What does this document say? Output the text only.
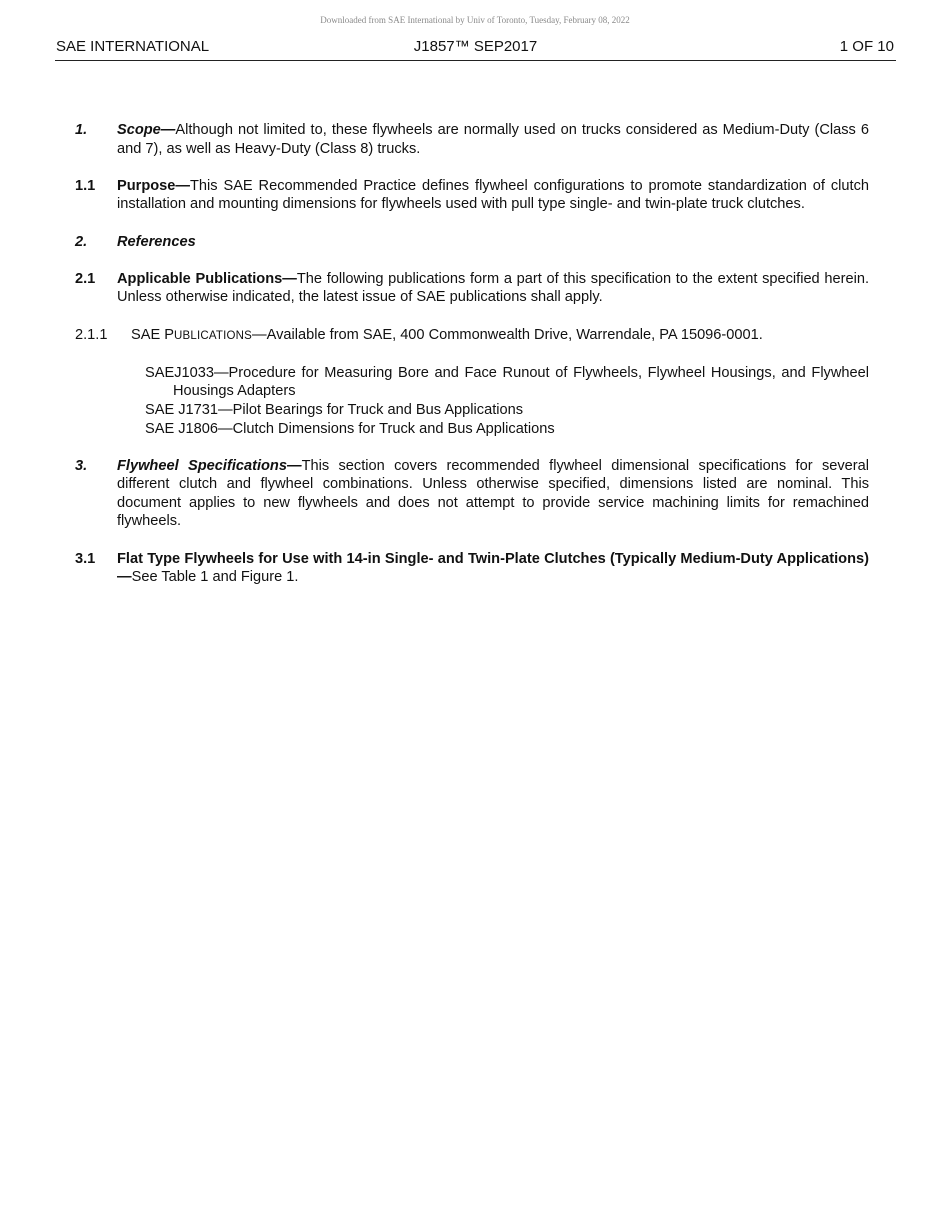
Downloaded from SAE International by Univ of Toronto, Tuesday, February 08, 2022
SAE INTERNATIONAL	J1857™ SEP2017	1 OF 10
1. Scope—Although not limited to, these flywheels are normally used on trucks considered as Medium-Duty (Class 6 and 7), as well as Heavy-Duty (Class 8) trucks.
1.1 Purpose—This SAE Recommended Practice defines flywheel configurations to promote standardization of clutch installation and mounting dimensions for flywheels used with pull type single- and twin-plate truck clutches.
2. References
2.1 Applicable Publications—The following publications form a part of this specification to the extent specified herein. Unless otherwise indicated, the latest issue of SAE publications shall apply.
2.1.1 SAE PUBLICATIONS—Available from SAE, 400 Commonwealth Drive, Warrendale, PA 15096-0001.
SAEJ1033—Procedure for Measuring Bore and Face Runout of Flywheels, Flywheel Housings, and Flywheel Housings Adapters
SAE J1731—Pilot Bearings for Truck and Bus Applications
SAE J1806—Clutch Dimensions for Truck and Bus Applications
3. Flywheel Specifications—This section covers recommended flywheel dimensional specifications for several different clutch and flywheel combinations. Unless otherwise specified, dimensions listed are nominal. This document applies to new flywheels and does not attempt to provide service machining limits for remachined flywheels.
3.1 Flat Type Flywheels for Use with 14-in Single- and Twin-Plate Clutches (Typically Medium-Duty Applications)—See Table 1 and Figure 1.
